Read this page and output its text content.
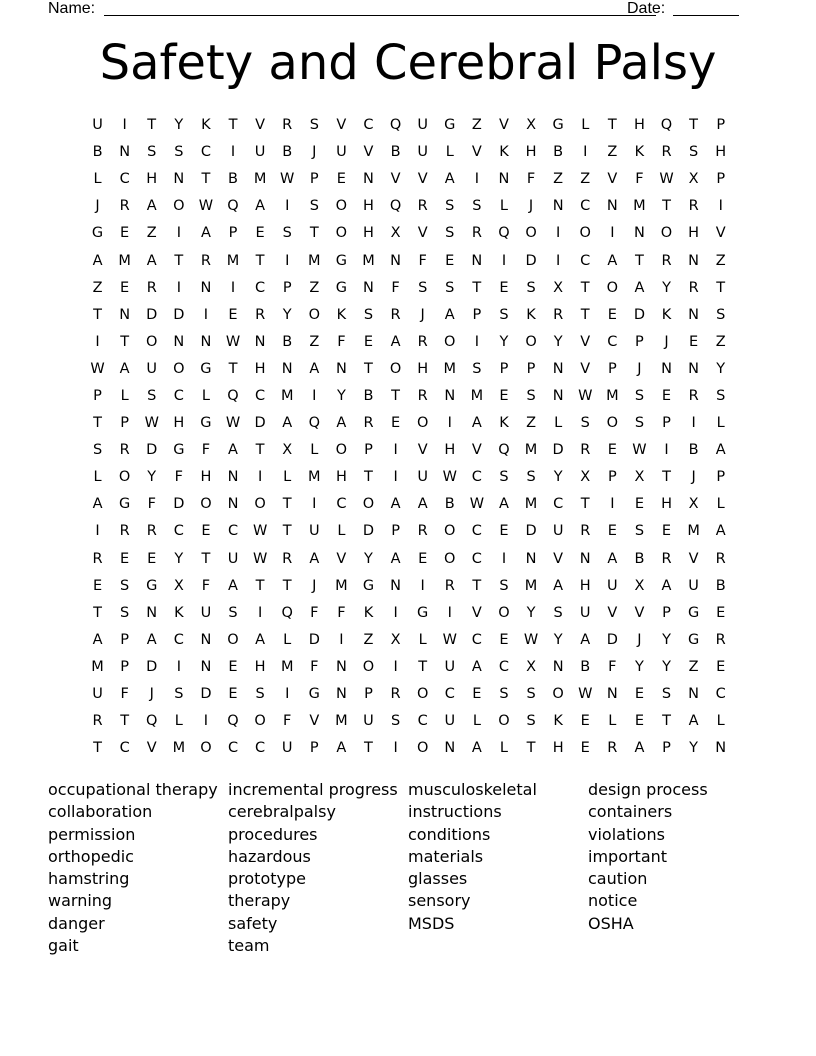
Name:	Date:
Safety and Cerebral Palsy
U	I	T	Y	K	T	V	R	S	V	C	Q	U	G	Z	V	X	G	L	T	H	Q	T	P
B	N	S	S	C	I	U	B	J	U	V	B	U	L	V	K	H	B	I	Z	K	R	S	H
L	C	H	N	T	B	M W	P	E	N	V	V	A	I	N	F	Z	Z	V	F	W	X	P
J	R	A	O W Q	A	I	S	O	H	Q	R	S	S	L	J	N	C	N	M	T	R	I
G	E	Z	I	A	P	E	S	T	O	H	X	V	S	R	Q	O	I	O	I	N	O	H	V
A	M	A	T	R	M	T	I	M	G	M	N	F	E	N	I	D	I	C	A	T	R	N	Z
Z	E	R	I	N	I	C	P	Z	G	N	F	S	S	T	E	S	X	T	O	A	Y	R	T
T	N	D	D	I	E	R	Y	O	K	S	R	J	A	P	S	K	R	T	E	D	K	N	S
I	T	O	N	N	W N	B	Z	F	E	A	R	O	I	Y	O	Y	V	C	P	J	E	Z
W	A	U	O	G	T	H	N	A	N	T	O	H	M	S	P	P	N	V	P	J	N	N	Y
P	L	S	C	L	Q	C	M	I	Y	B	T	R	N	M	E	S	N	W M	S	E	R	S
T	P	W H	G W D	A	Q	A	R	E	O	I	A	K	Z	L	S	O	S	P	I	L
S	R	D	G	F	A	T	X	L	O	P	I	V	H	V	Q	M	D	R	E	W	I	B	A
L	O	Y	F	H	N	I	L	M	H	T	I	U	W	C	S	S	Y	X	P	X	T	J	P
A	G	F	D	O	N	O	T	I	C	O	A	A	B	W	A	M	C	T	I	E	H	X	L
I	R	R	C	E	C	W	T	U	L	D	P	R	O	C	E	D	U	R	E	S	E	M	A
R	E	E	Y	T	U	W	R	A	V	Y	A	E	O	C	I	N	V	N	A	B	R	V	R
E	S	G	X	F	A	T	T	J	M	G	N	I	R	T	S	M	A	H	U	X	A	U	B
T	S	N	K	U	S	I	Q	F	F	K	I	G	I	V	O	Y	S	U	V	V	P	G	E
A	P	A	C	N	O	A	L	D	I	Z	X	L	W	C	E	W	Y	A	D	J	Y	G	R
M	P	D	I	N	E	H	M	F	N	O	I	T	U	A	C	X	N	B	F	Y	Y	Z	E
U	F	J	S	D	E	S	I	G	N	P	R	O	C	E	S	S	O W N	E	S	N	C
R	T	Q	L	I	Q	O	F	V	M	U	S	C	U	L	O	S	K	E	L	E	T	A	L
T	C	V	M	O	C	C	U	P	A	T	I	O	N	A	L	T	H	E	R	A	P	Y	N
occupational therapy
collaboration
permission
orthopedic
hamstring
warning
danger
gait
incremental progress
cerebralpalsy
procedures
hazardous
prototype
therapy
safety
team
musculoskeletal
instructions
conditions
materials
glasses
sensory
MSDS
design process
containers
violations
important
caution
notice
OSHA
